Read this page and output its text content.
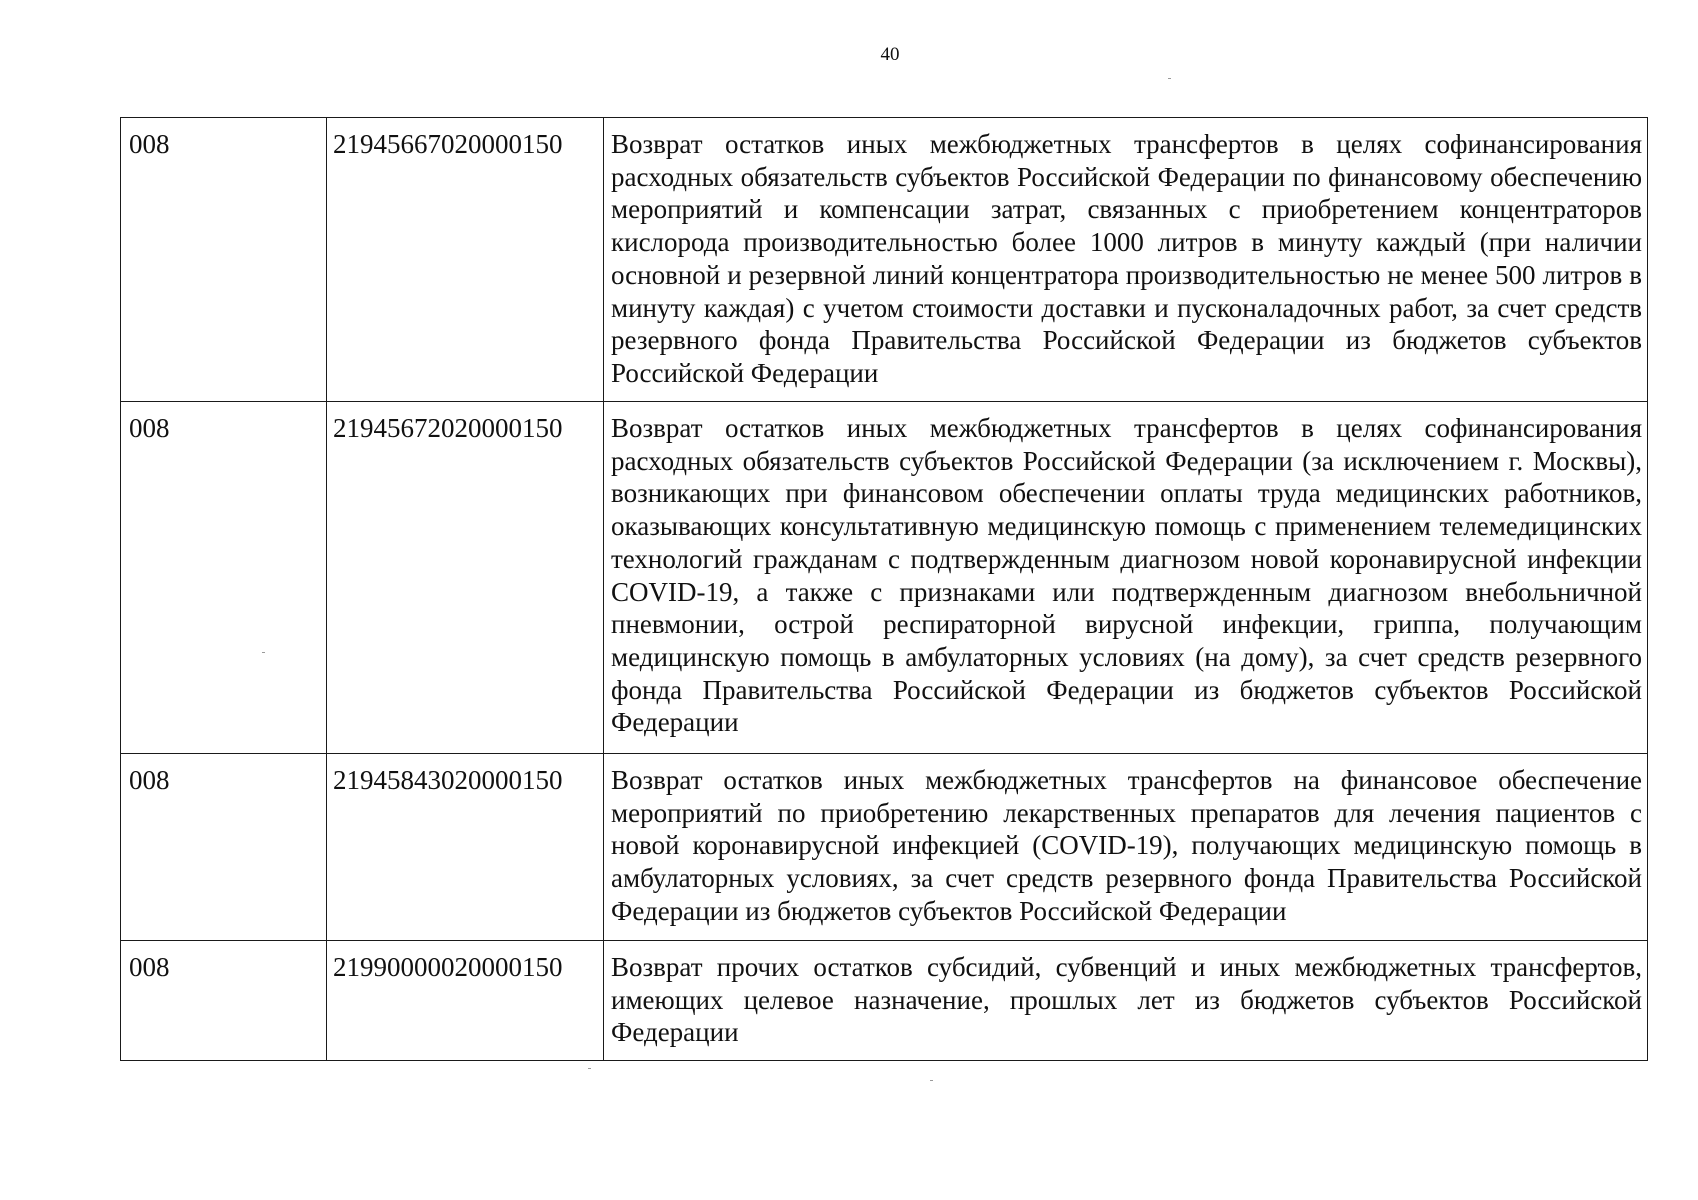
40
008	21945667020000150	Возврат остатков иных межбюджетных трансфертов в целях софинансирования расходных обязательств субъектов Российской Федерации по финансовому обеспечению мероприятий и компенсации затрат, связанных с приобретением концентраторов кислорода производительностью более 1000 литров в минуту каждый (при наличии основной и резервной линий концентратора производительностью не менее 500 литров в минуту каждая) с учетом стоимости доставки и пусконаладочных работ, за счет средств резервного фонда Правительства Российской Федерации из бюджетов субъектов Российской Федерации
008	21945672020000150	Возврат остатков иных межбюджетных трансфертов в целях софинансирования расходных обязательств субъектов Российской Федерации (за исключением г. Москвы), возникающих при финансовом обеспечении оплаты труда медицинских работников, оказывающих консультативную медицинскую помощь с применением телемедицинских технологий гражданам с подтвержденным диагнозом новой коронавирусной инфекции COVID-19, а также с признаками или подтвержденным диагнозом внебольничной пневмонии, острой респираторной вирусной инфекции, гриппа, получающим медицинскую помощь в амбулаторных условиях (на дому), за счет средств резервного фонда Правительства Российской Федерации из бюджетов субъектов Российской Федерации
008	21945843020000150	Возврат остатков иных межбюджетных трансфертов на финансовое обеспечение мероприятий по приобретению лекарственных препаратов для лечения пациентов с новой коронавирусной инфекцией (COVID-19), получающих медицинскую помощь в амбулаторных условиях, за счет средств резервного фонда Правительства Российской Федерации из бюджетов субъектов Российской Федерации
008	21990000020000150	Возврат прочих остатков субсидий, субвенций и иных межбюджетных трансфертов, имеющих целевое назначение, прошлых лет из бюджетов субъектов Российской Федерации
